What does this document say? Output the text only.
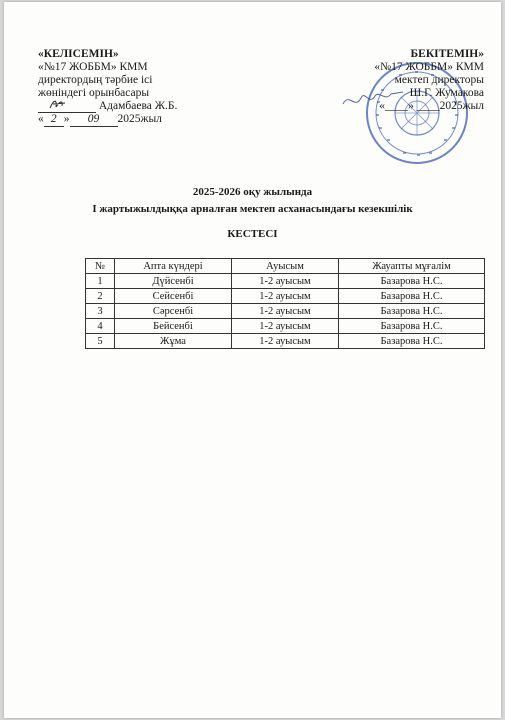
«КЕЛІСЕМІН»
«№17 ЖОББМ» КММ
директордың тәрбие ісі
жөніндегі орынбасары
Адамбаева Ж.Б.
« 2 » 09 2025жыл
БЕКІТЕМІН»
«№17 ЖОББМ» КММ
мектеп директоры
Ш.Г. Жумакова
«____» ____2025жыл
2025-2026 оқу жылында
І жартыжылдыққа арналған мектеп асханасындағы кезекшілік
КЕСТЕСІ
№	Апта күндері	Ауысым	Жауапты мұғалім
1	Дүйсенбі	1-2 ауысым	Базарова Н.С.
2	Сейсенбі	1-2 ауысым	Базарова Н.С.
3	Сәрсенбі	1-2 ауысым	Базарова Н.С.
4	Бейсенбі	1-2 ауысым	Базарова Н.С.
5	Жұма	1-2 ауысым	Базарова Н.С.
